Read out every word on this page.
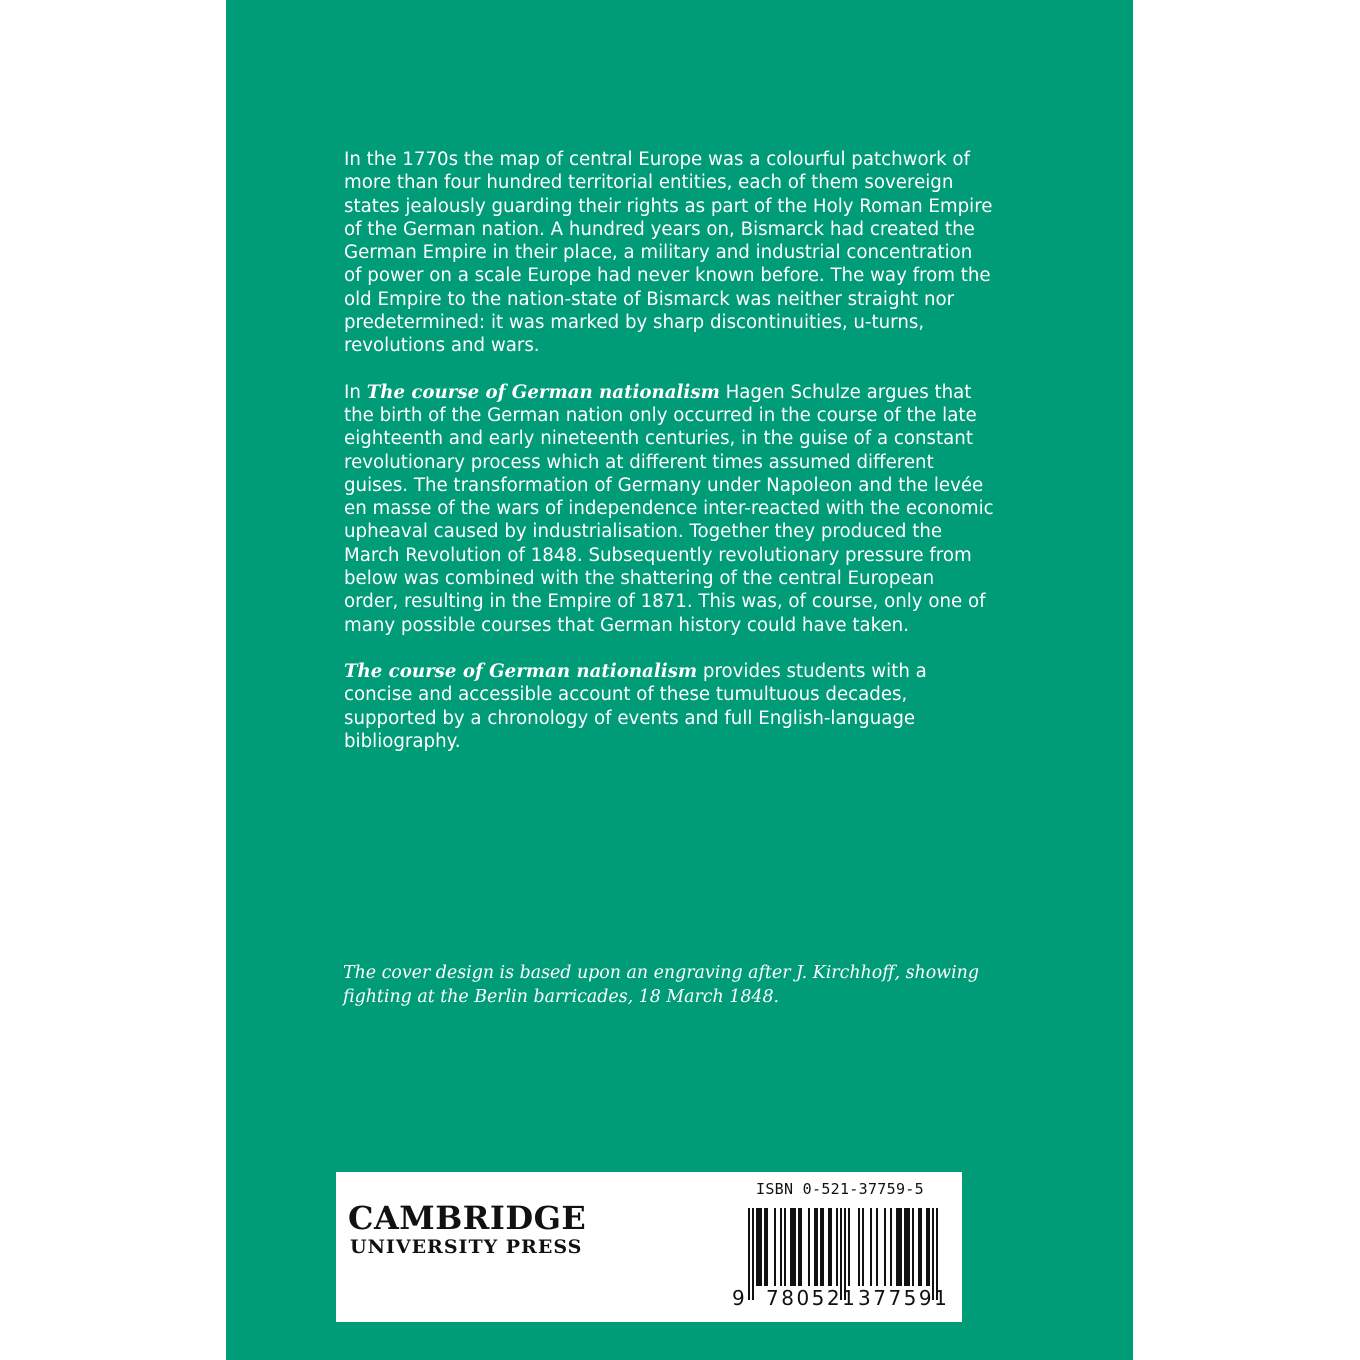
In the 1770s the map of central Europe was a colourful patchwork of more than four hundred territorial entities, each of them sovereign states jealously guarding their rights as part of the Holy Roman Empire of the German nation. A hundred years on, Bismarck had created the German Empire in their place, a military and industrial concentration of power on a scale Europe had never known before. The way from the old Empire to the nation-state of Bismarck was neither straight nor predetermined: it was marked by sharp discontinuities, u-turns, revolutions and wars.

In The course of German nationalism Hagen Schulze argues that the birth of the German nation only occurred in the course of the late eighteenth and early nineteenth centuries, in the guise of a constant revolutionary process which at different times assumed different guises. The transformation of Germany under Napoleon and the levée en masse of the wars of independence inter-reacted with the economic upheaval caused by industrialisation. Together they produced the March Revolution of 1848. Subsequently revolutionary pressure from below was combined with the shattering of the central European order, resulting in the Empire of 1871. This was, of course, only one of many possible courses that German history could have taken.

The course of German nationalism provides students with a concise and accessible account of these tumultuous decades, supported by a chronology of events and full English-language bibliography.

The cover design is based upon an engraving after J. Kirchhoff, showing fighting at the Berlin barricades, 18 March 1848.
CAMBRIDGE
UNIVERSITY PRESS
ISBN 0-521-37759-5
9 780521 377591
